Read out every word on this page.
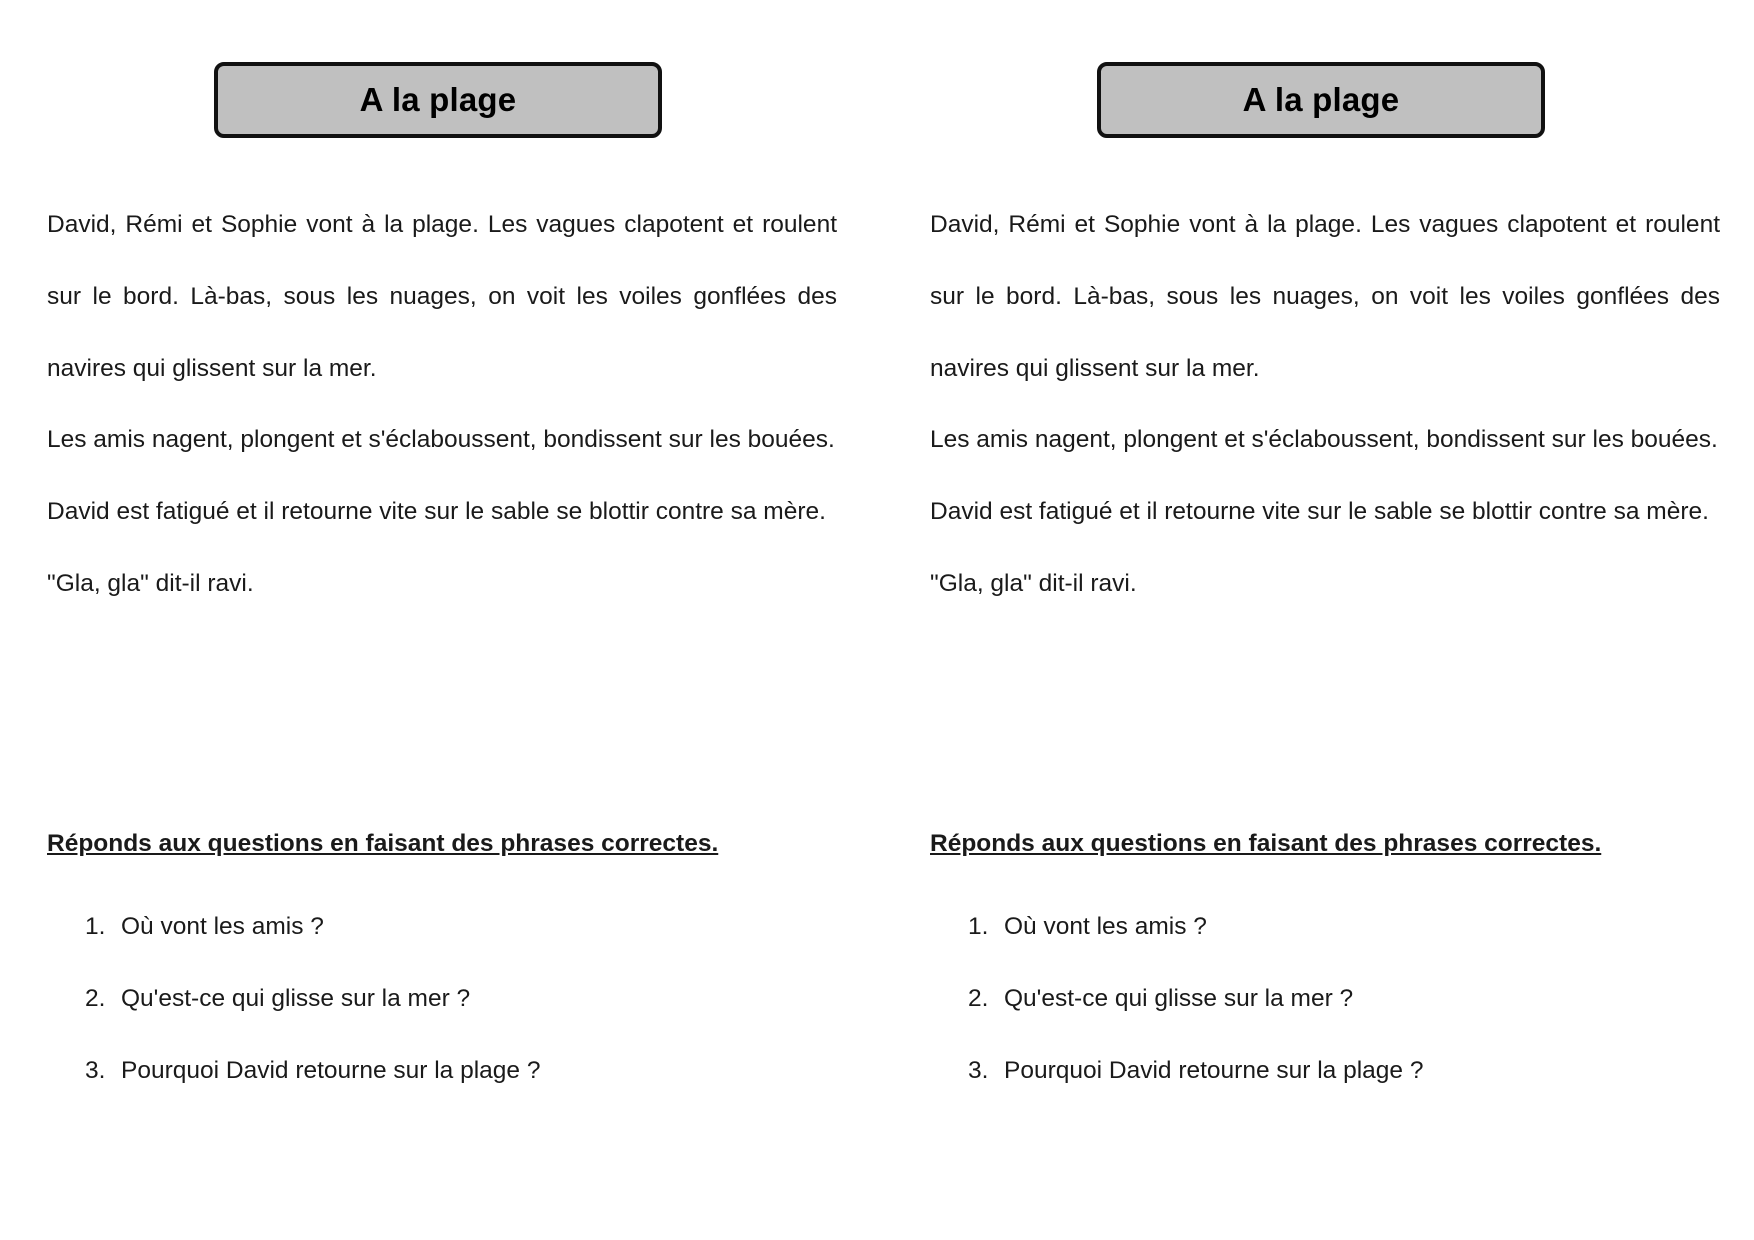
A la plage

David, Rémi et Sophie vont à la plage. Les vagues clapotent et roulent sur le bord. Là-bas, sous les nuages, on voit les voiles gonflées des navires qui glissent sur la mer.

Les amis nagent, plongent et s'éclaboussent, bondissent sur les bouées.

David est fatigué et il retourne vite sur le sable se blottir contre sa mère.

"Gla, gla" dit-il ravi.

Réponds aux questions en faisant des phrases correctes.

1. Où vont les amis ?
2. Qu'est-ce qui glisse sur la mer ?
3. Pourquoi David retourne sur la plage ?
A la plage

David, Rémi et Sophie vont à la plage. Les vagues clapotent et roulent sur le bord. Là-bas, sous les nuages, on voit les voiles gonflées des navires qui glissent sur la mer.

Les amis nagent, plongent et s'éclaboussent, bondissent sur les bouées.

David est fatigué et il retourne vite sur le sable se blottir contre sa mère.

"Gla, gla" dit-il ravi.

Réponds aux questions en faisant des phrases correctes.

1. Où vont les amis ?
2. Qu'est-ce qui glisse sur la mer ?
3. Pourquoi David retourne sur la plage ?
